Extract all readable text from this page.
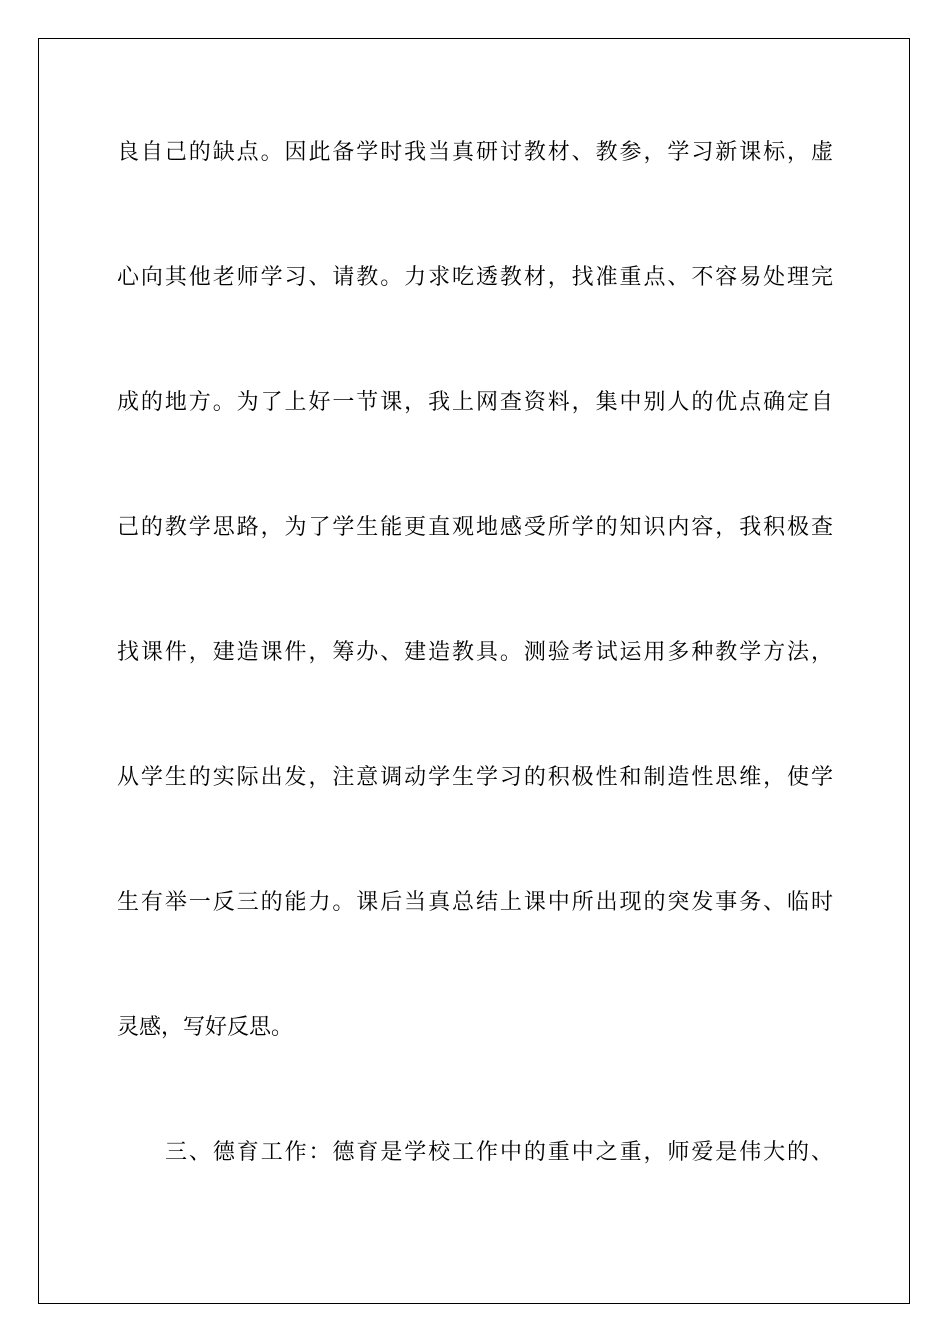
良自己的缺点。因此备学时我当真研讨教材、教参，学习新课标，虚
心向其他老师学习、请教。力求吃透教材，找准重点、不容易处理完
成的地方。为了上好一节课，我上网查资料，集中别人的优点确定自
己的教学思路，为了学生能更直观地感受所学的知识内容，我积极查
找课件，建造课件，筹办、建造教具。测验考试运用多种教学方法，
从学生的实际出发，注意调动学生学习的积极性和制造性思维，使学
生有举一反三的能力。课后当真总结上课中所出现的突发事务、临时
灵感，写好反思。
三、德育工作：德育是学校工作中的重中之重，师爱是伟大的、
